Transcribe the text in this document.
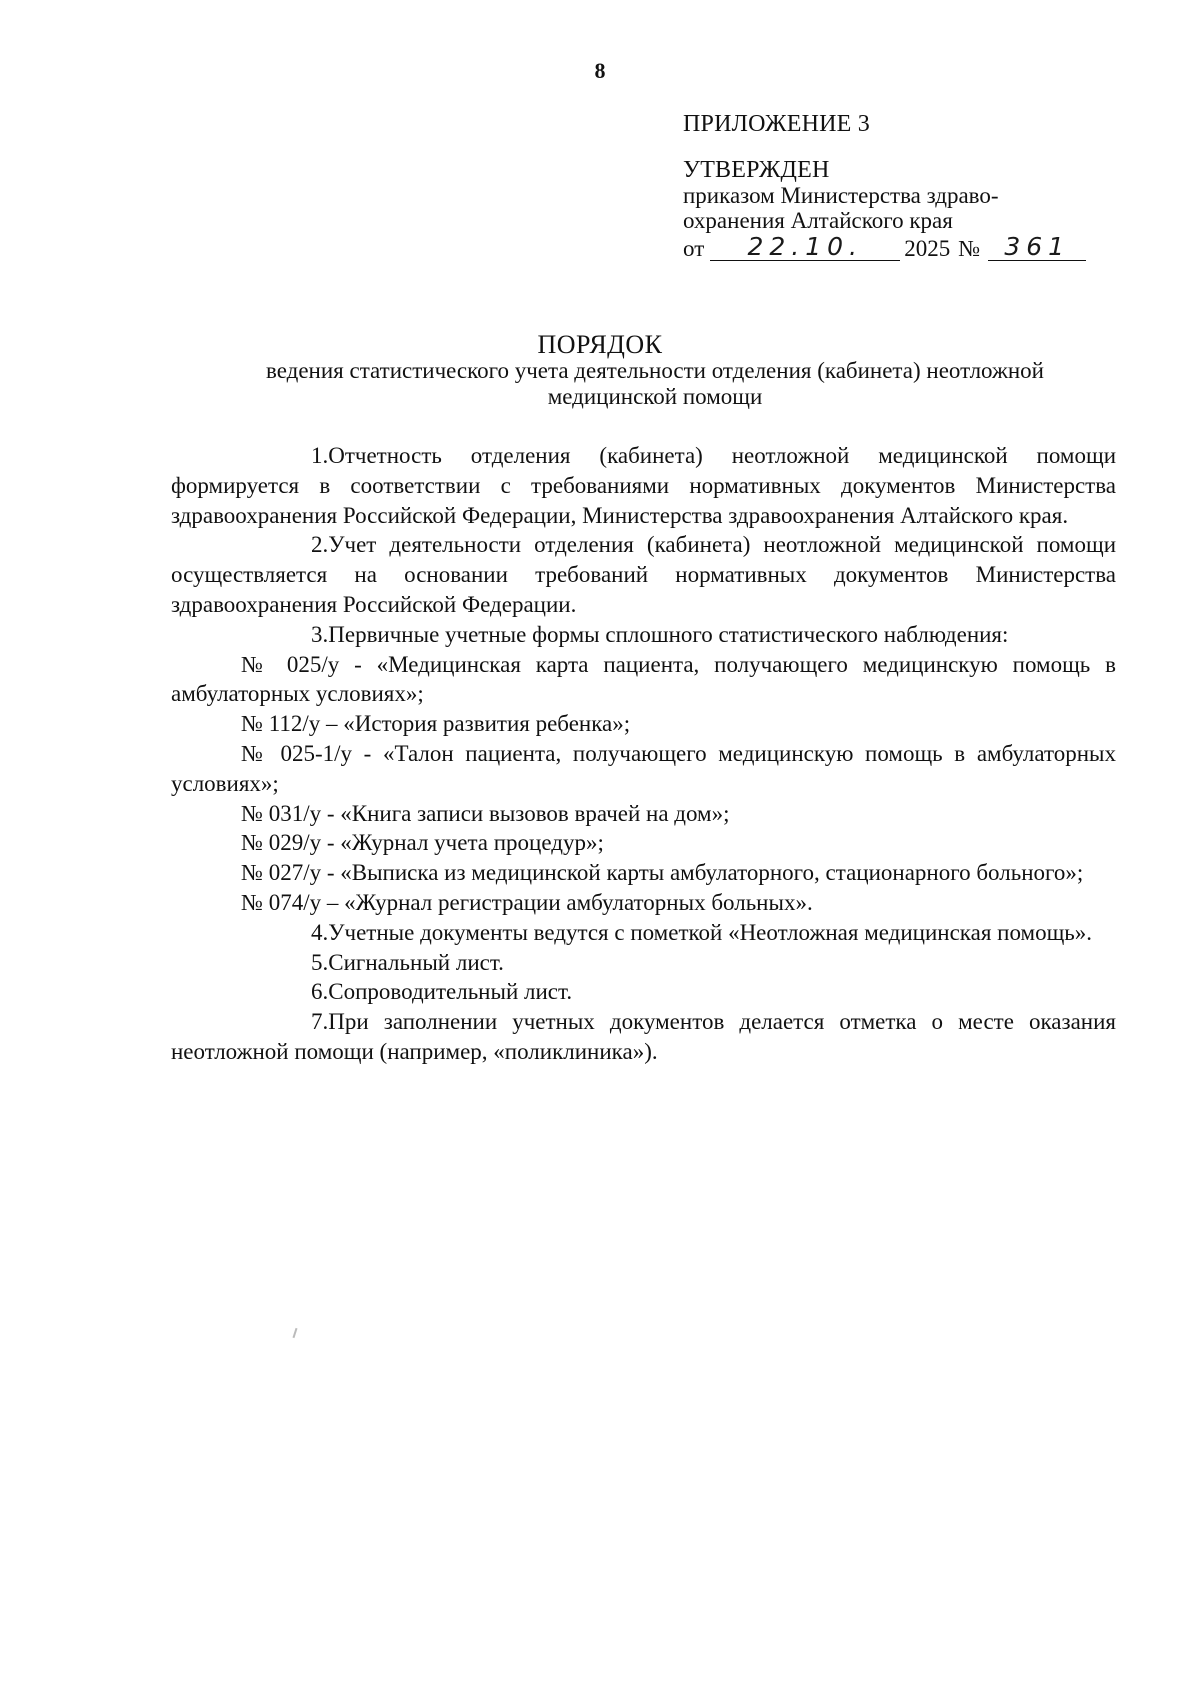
8
ПРИЛОЖЕНИЕ 3
УТВЕРЖДЕН
приказом Министерства здраво-
охранения Алтайского края
от	22.10.	2025 № 361
ПОРЯДОК
ведения статистического учета деятельности отделения (кабинета) неотложной
медицинской помощи

1.Отчетность отделения (кабинета) неотложной медицинской помощи формируется в соответствии с требованиями нормативных документов Министерства здравоохранения Российской Федерации, Министерства здравоохранения Алтайского края.

2.Учет деятельности отделения (кабинета) неотложной медицинской помощи осуществляется на основании требований нормативных документов Министерства здравоохранения Российской Федерации.

3.Первичные учетные формы сплошного статистического наблюдения:

№ 025/у - «Медицинская карта пациента, получающего медицинскую помощь в амбулаторных условиях»;

№ 112/у – «История развития ребенка»;

№ 025-1/у - «Талон пациента, получающего медицинскую помощь в амбулаторных условиях»;

№ 031/у - «Книга записи вызовов врачей на дом»;

№ 029/у - «Журнал учета процедур»;

№ 027/у - «Выписка из медицинской карты амбулаторного, стационарного больного»;

№ 074/у – «Журнал регистрации амбулаторных больных».

4.Учетные документы ведутся с пометкой «Неотложная медицинская помощь».

5.Сигнальный лист.

6.Сопроводительный лист.

7.При заполнении учетных документов делается отметка о месте оказания неотложной помощи (например, «поликлиника»).
